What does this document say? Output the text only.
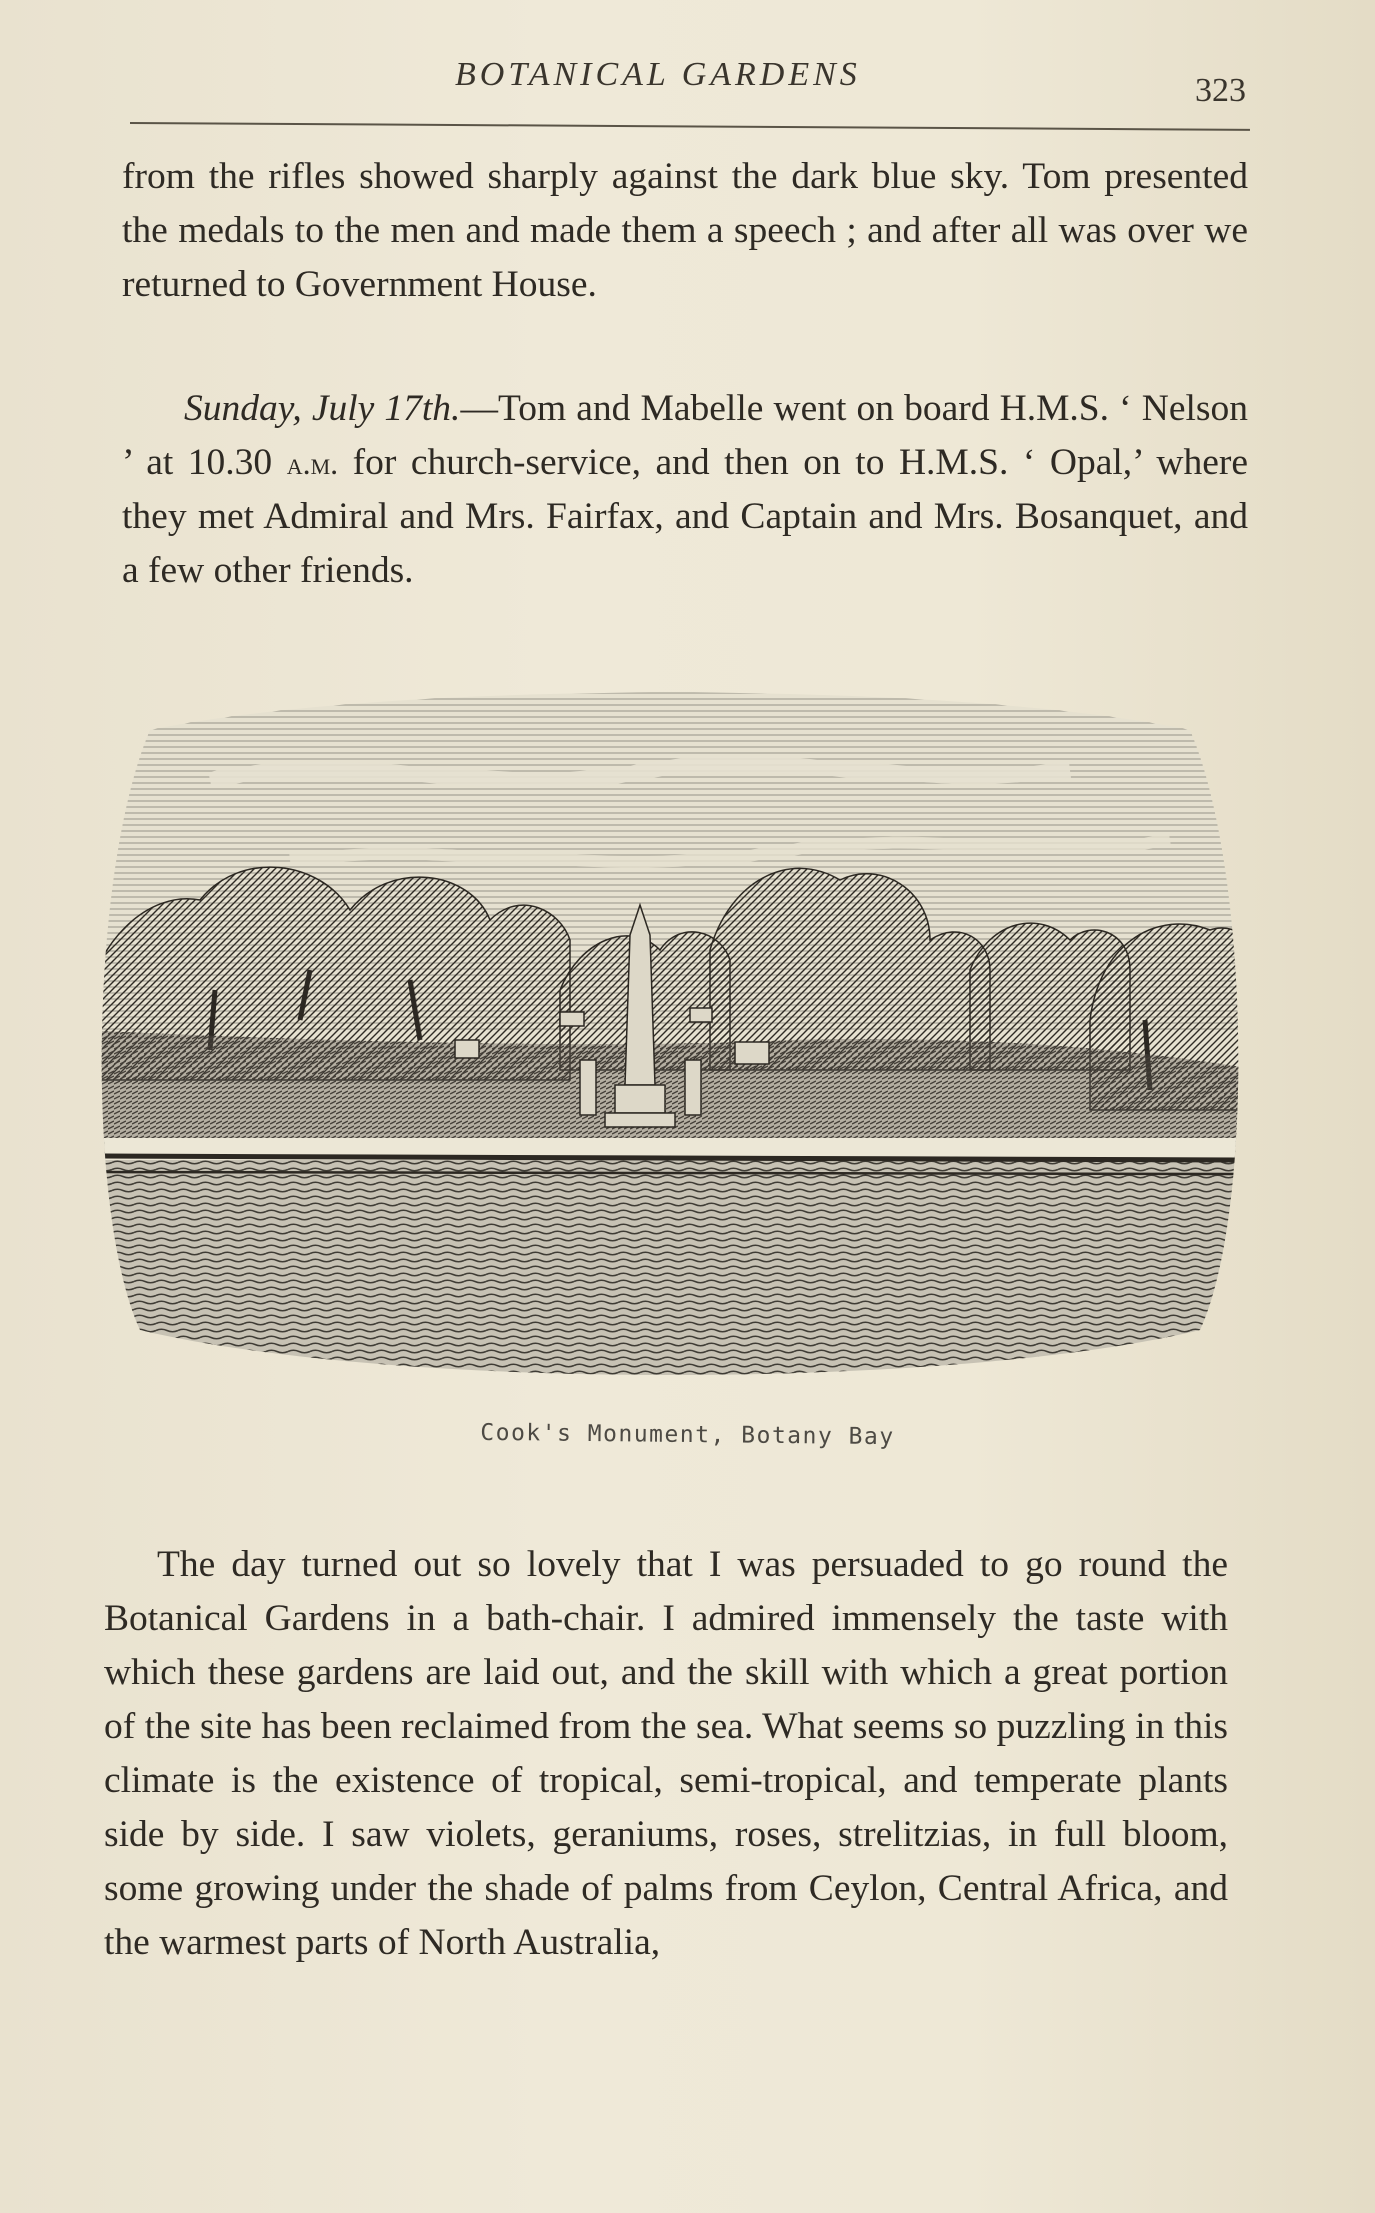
BOTANICAL GARDENS	323

from the rifles showed sharply against the dark blue sky. Tom presented the medals to the men and made them a speech ; and after all was over we returned to Government House.

Sunday, July 17th.—Tom and Mabelle went on board H.M.S. ‘ Nelson ’ at 10.30 a.m. for church-service, and then on to H.M.S. ‘ Opal,’ where they met Admiral and Mrs. Fairfax, and Captain and Mrs. Bosanquet, and a few other friends.

Cook's Monument, Botany Bay

The day turned out so lovely that I was persuaded to go round the Botanical Gardens in a bath-chair. I admired immensely the taste with which these gardens are laid out, and the skill with which a great portion of the site has been reclaimed from the sea. What seems so puzzling in this climate is the existence of tropical, semi-tropical, and temperate plants side by side. I saw violets, geraniums, roses, strelitzias, in full bloom, some growing under the shade of palms from Ceylon, Central Africa, and the warmest parts of North Australia,
